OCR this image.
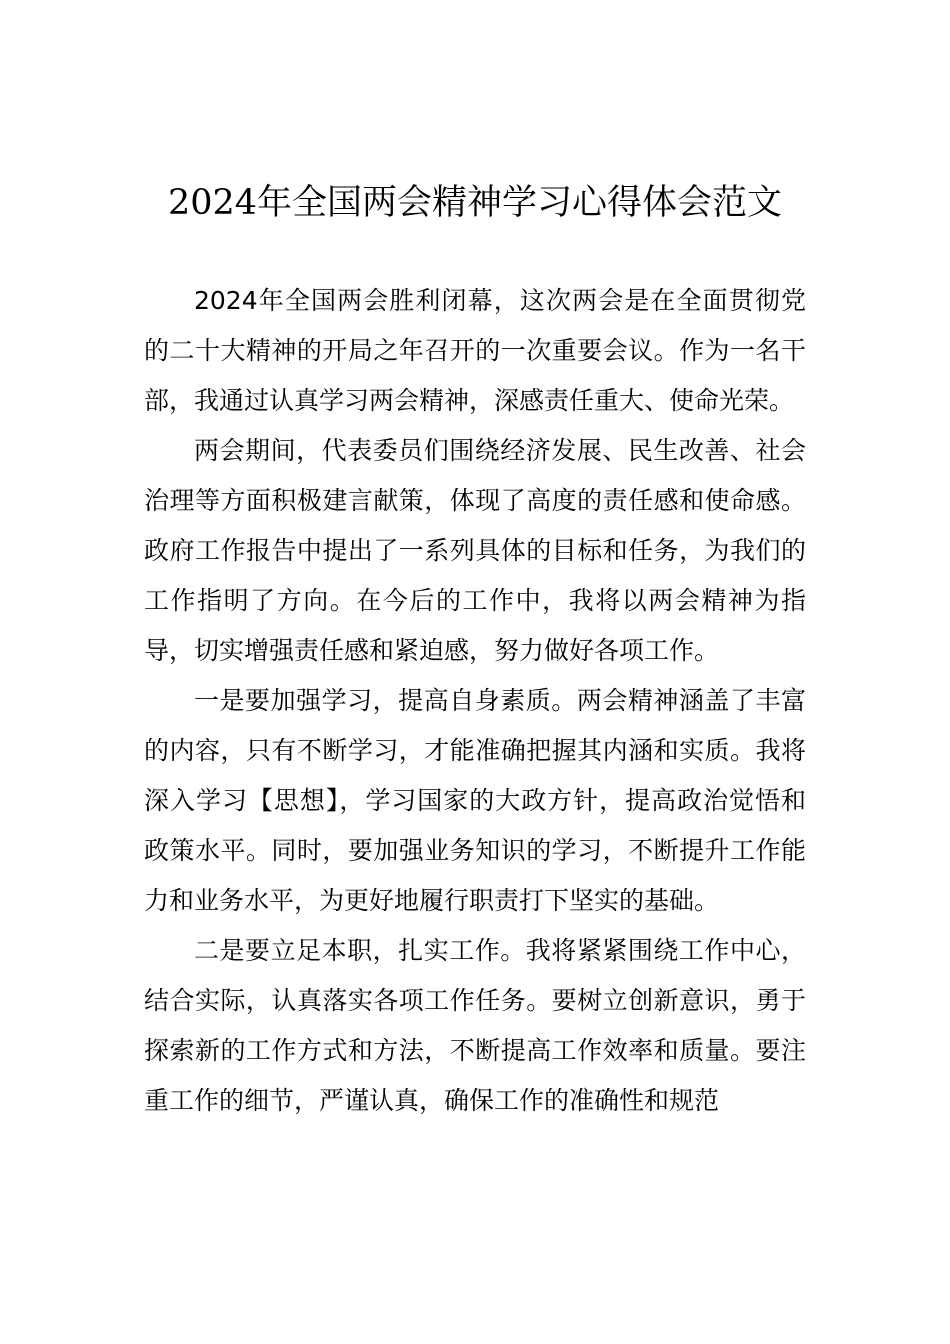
2024年全国两会精神学习心得体会范文

2024年全国两会胜利闭幕，这次两会是在全面贯彻党的二十大精神的开局之年召开的一次重要会议。作为一名干部，我通过认真学习两会精神，深感责任重大、使命光荣。

两会期间，代表委员们围绕经济发展、民生改善、社会治理等方面积极建言献策，体现了高度的责任感和使命感。政府工作报告中提出了一系列具体的目标和任务，为我们的工作指明了方向。在今后的工作中，我将以两会精神为指导，切实增强责任感和紧迫感，努力做好各项工作。

一是要加强学习，提高自身素质。两会精神涵盖了丰富的内容，只有不断学习，才能准确把握其内涵和实质。我将深入学习【思想】，学习国家的大政方针，提高政治觉悟和政策水平。同时，要加强业务知识的学习，不断提升工作能力和业务水平，为更好地履行职责打下坚实的基础。

二是要立足本职，扎实工作。我将紧紧围绕工作中心，结合实际，认真落实各项工作任务。要树立创新意识，勇于探索新的工作方式和方法，不断提高工作效率和质量。要注重工作的细节，严谨认真，确保工作的准确性和规范
